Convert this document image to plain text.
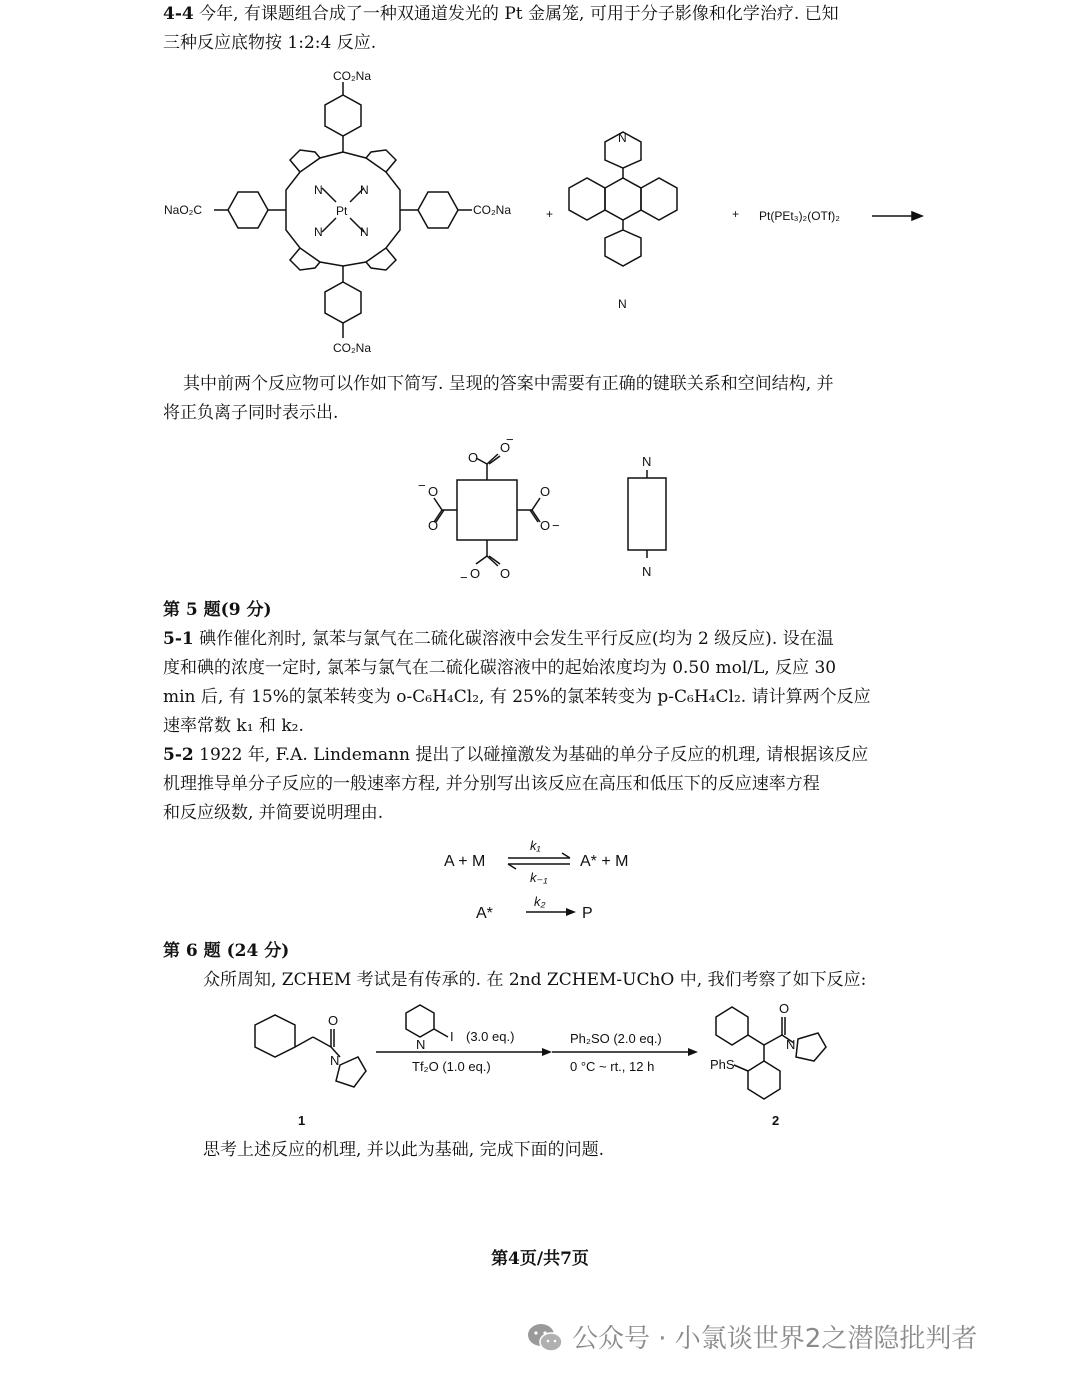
4-4 今年, 有课题组合成了一种双通道发光的 Pt 金属笼, 可用于分子影像和化学治疗. 已知
三种反应底物按 1:2:4 反应.
CO₂Na
CO₂Na
NaO₂C	CO₂Na
Pt
N	N
N	N
+
N
N
+ Pt(PEt₃)₂(OTf)₂
其中前两个反应物可以作如下简写. 呈现的答案中需要有正确的键联关系和空间结构, 并
将正负离子同时表示出.
O
−
O
O
−
O
O
O −
O
− O
N
N
第 5 题(9 分)
5-1 碘作催化剂时, 氯苯与氯气在二硫化碳溶液中会发生平行反应(均为 2 级反应). 设在温
度和碘的浓度一定时, 氯苯与氯气在二硫化碳溶液中的起始浓度均为 0.50 mol/L, 反应 30
min 后, 有 15%的氯苯转变为 o-C₆H₄Cl₂, 有 25%的氯苯转变为 p-C₆H₄Cl₂. 请计算两个反应
速率常数 k₁ 和 k₂.
5-2 1922 年, F.A. Lindemann 提出了以碰撞激发为基础的单分子反应的机理, 请根据该反应
机理推导单分子反应的一般速率方程, 并分别写出该反应在高压和低压下的反应速率方程
和反应级数, 并简要说明理由.
A + M	A* + M
A*	P
k₁
k₋₁
k₂
第 6 题 (24 分)
众所周知, ZCHEM 考试是有传承的. 在 2nd ZCHEM-UChO 中, 我们考察了如下反应:
O
N
N
I (3.0 eq.)
Tf₂O (1.0 eq.)
Ph₂SO (2.0 eq.)
0 °C ~ rt., 12 h
O
N
PhS
1	2
思考上述反应的机理, 并以此为基础, 完成下面的问题.
第4页/共7页
公众号 · 小氯谈世界2之潜隐批判者
